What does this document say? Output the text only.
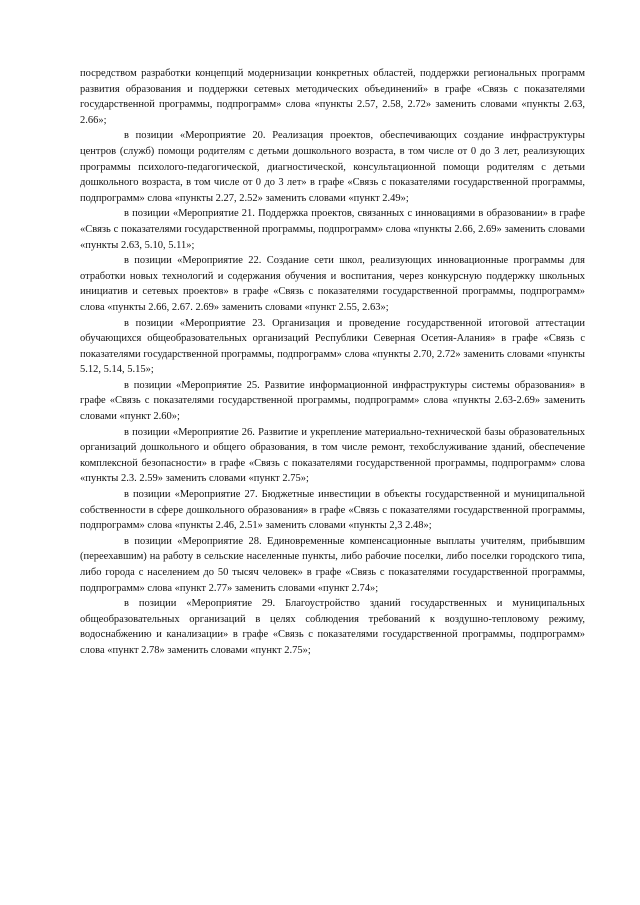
посредством разработки концепций модернизации конкретных областей, поддержки региональных программ развития образования и поддержки сетевых методических объединений» в графе «Связь с показателями государственной программы, подпрограмм» слова «пункты 2.57, 2.58, 2.72» заменить словами «пункты 2.63, 2.66»;

в позиции «Мероприятие 20. Реализация проектов, обеспечивающих создание инфраструктуры центров (служб) помощи родителям с детьми дошкольного возраста, в том числе от 0 до 3 лет, реализующих программы психолого-педагогической, диагностической, консультационной помощи родителям с детьми дошкольного возраста, в том числе от 0 до 3 лет» в графе «Связь с показателями государственной программы, подпрограмм» слова «пункты 2.27, 2.52» заменить словами «пункт 2.49»;

в позиции «Мероприятие 21. Поддержка проектов, связанных с инновациями в образовании» в графе «Связь с показателями государственной программы, подпрограмм» слова «пункты 2.66, 2.69» заменить словами «пункты 2.63, 5.10, 5.11»;

в позиции «Мероприятие 22. Создание сети школ, реализующих инновационные программы для отработки новых технологий и содержания обучения и воспитания, через конкурсную поддержку школьных инициатив и сетевых проектов» в графе «Связь с показателями государственной программы, подпрограмм» слова «пункты 2.66, 2.67. 2.69» заменить словами «пункт 2.55, 2.63»;

в позиции «Мероприятие 23. Организация и проведение государственной итоговой аттестации обучающихся общеобразовательных организаций Республики Северная Осетия-Алания» в графе «Связь с показателями государственной программы, подпрограмм» слова «пункты 2.70, 2.72» заменить словами «пункты 5.12, 5.14, 5.15»;

в позиции «Мероприятие 25. Развитие информационной инфраструктуры системы образования» в графе «Связь с показателями государственной программы, подпрограмм» слова «пункты 2.63-2.69» заменить словами «пункт 2.60»;

в позиции «Мероприятие 26. Развитие и укрепление материально-технической базы образовательных организаций дошкольного и общего образования, в том числе ремонт, техобслуживание зданий, обеспечение комплексной безопасности» в графе «Связь с показателями государственной программы, подпрограмм» слова «пункты 2.3. 2.59» заменить словами «пункт 2.75»;

в позиции «Мероприятие 27. Бюджетные инвестиции в объекты государственной и муниципальной собственности в сфере дошкольного образования» в графе «Связь с показателями государственной программы, подпрограмм» слова «пункты 2.46, 2.51» заменить словами «пункты 2,3 2.48»;

в позиции «Мероприятие 28. Единовременные компенсационные выплаты учителям, прибывшим (переехавшим) на работу в сельские населенные пункты, либо рабочие поселки, либо поселки городского типа, либо города с населением до 50 тысяч человек» в графе «Связь с показателями государственной программы, подпрограмм» слова «пункт 2.77» заменить словами «пункт 2.74»;

в позиции «Мероприятие 29. Благоустройство зданий государственных и муниципальных общеобразовательных организаций в целях соблюдения требований к воздушно-тепловому режиму, водоснабжению и канализации» в графе «Связь с показателями государственной программы, подпрограмм» слова «пункт 2.78» заменить словами «пункт 2.75»;
